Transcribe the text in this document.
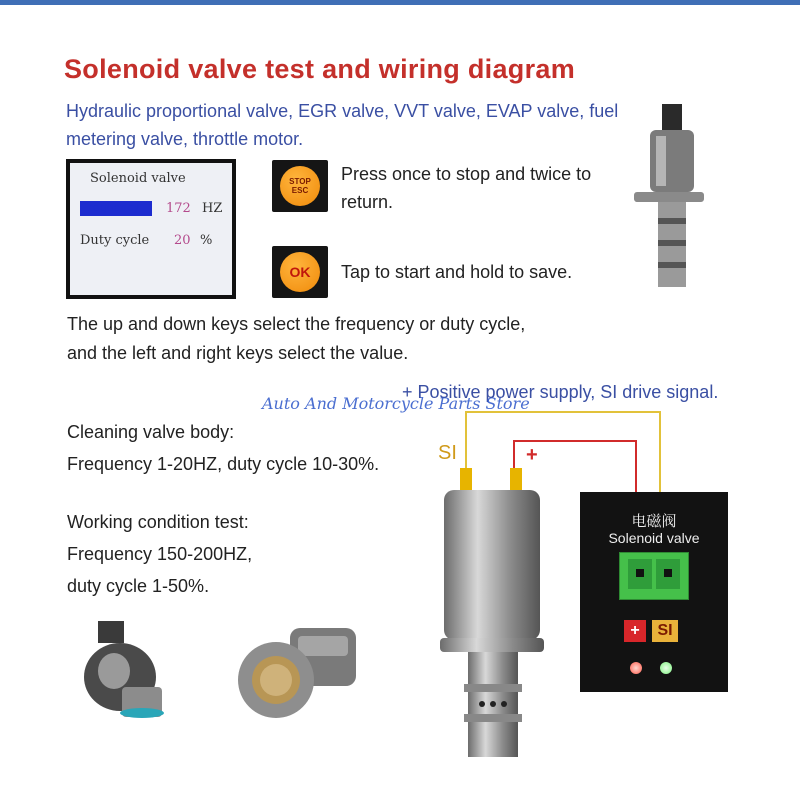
Solenoid valve test and wiring diagram
Hydraulic proportional valve, EGR valve, VVT valve, EVAP valve, fuel metering valve, throttle motor.
Solenoid valve
Frequency	172 HZ
Duty cycle 20 %
STOP
ESC
Press once to stop and twice to return.
OK Tap to start and hold to save.
The up and down keys select the frequency or duty cycle,
and the left and right keys select the value.
+ Positive power supply, SI drive signal.
Auto And Motorcycle Parts Store
Cleaning valve body:
Frequency 1-20HZ, duty cycle 10-30%.
Working condition test:
Frequency 150-200HZ,
duty cycle 1-50%.
SI	+
电磁阀
Solenoid valve
+	SI
